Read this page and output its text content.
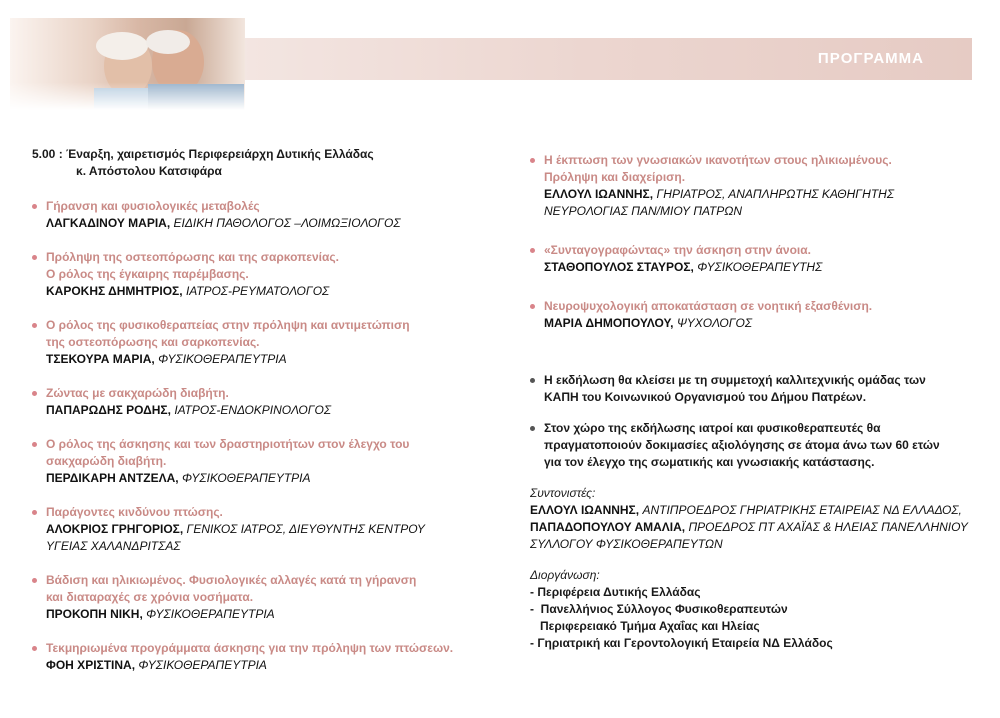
ΠΡΟΓΡΑΜΜΑ
5.00 : Έναρξη, χαιρετισμός Περιφερειάρχη Δυτικής Ελλάδας
κ. Απόστολου Κατσιφάρα
Γήρανση και φυσιολογικές μεταβολές
ΛΑΓΚΑΔΙΝΟΥ ΜΑΡΙΑ, ΕΙΔΙΚΗ ΠΑΘΟΛΟΓΟΣ –ΛΟΙΜΩΞΙΟΛΟΓΟΣ
Πρόληψη της οστεοπόρωσης και της σαρκοπενίας.
Ο ρόλος της έγκαιρης παρέμβασης.
ΚΑΡΟΚΗΣ ΔΗΜΗΤΡΙΟΣ, ΙΑΤΡΟΣ-ΡΕΥΜΑΤΟΛΟΓΟΣ
Ο ρόλος της φυσικοθεραπείας στην πρόληψη και αντιμετώπιση
της οστεοπόρωσης και σαρκοπενίας.
ΤΣΕΚΟΥΡΑ ΜΑΡΙΑ, ΦΥΣΙΚΟΘΕΡΑΠΕΥΤΡΙΑ
Ζώντας με σακχαρώδη διαβήτη.
ΠΑΠΑΡΩΔΗΣ ΡΟΔΗΣ, ΙΑΤΡΟΣ-ΕΝΔΟΚΡΙΝΟΛΟΓΟΣ
Ο ρόλος της άσκησης και των δραστηριοτήτων στον έλεγχο του
σακχαρώδη διαβήτη.
ΠΕΡΔΙΚΑΡΗ ΑΝΤΖΕΛΑ, ΦΥΣΙΚΟΘΕΡΑΠΕΥΤΡΙΑ
Παράγοντες κινδύνου πτώσης.
ΑΛΟΚΡΙΟΣ ΓΡΗΓΟΡΙΟΣ, ΓΕΝΙΚΟΣ ΙΑΤΡΟΣ, ΔΙΕΥΘΥΝΤΗΣ ΚΕΝΤΡΟΥ
ΥΓΕΙΑΣ ΧΑΛΑΝΔΡΙΤΣΑΣ
Βάδιση και ηλικιωμένος. Φυσιολογικές αλλαγές κατά τη γήρανση
και διαταραχές σε χρόνια νοσήματα.
ΠΡΟΚΟΠΗ ΝΙΚΗ, ΦΥΣΙΚΟΘΕΡΑΠΕΥΤΡΙΑ
Τεκμηριωμένα προγράμματα άσκησης για την πρόληψη των πτώσεων.
ΦΟΗ ΧΡΙΣΤΙΝΑ, ΦΥΣΙΚΟΘΕΡΑΠΕΥΤΡΙΑ
Η έκπτωση των γνωσιακών ικανοτήτων στους ηλικιωμένους.
Πρόληψη και διαχείριση.
ΕΛΛΟΥΛ ΙΩΑΝΝΗΣ, ΓΗΡΙΑΤΡΟΣ, ΑΝΑΠΛΗΡΩΤΗΣ ΚΑΘΗΓΗΤΗΣ
ΝΕΥΡΟΛΟΓΙΑΣ ΠΑΝ/ΜΙΟΥ ΠΑΤΡΩΝ
«Συνταγογραφώντας» την άσκηση στην άνοια.
ΣΤΑΘΟΠΟΥΛΟΣ ΣΤΑΥΡΟΣ, ΦΥΣΙΚΟΘΕΡΑΠΕΥΤΗΣ
Νευροψυχολογική αποκατάσταση σε νοητική εξασθένιση.
ΜΑΡΙΑ ΔΗΜΟΠΟΥΛΟΥ, ΨΥΧΟΛΟΓΟΣ
Η εκδήλωση θα κλείσει με τη συμμετοχή καλλιτεχνικής ομάδας των
ΚΑΠΗ του Κοινωνικού Οργανισμού του Δήμου Πατρέων.
Στον χώρο της εκδήλωσης ιατροί και φυσικοθεραπευτές θα
πραγματοποιούν δοκιμασίες αξιολόγησης σε άτομα άνω των 60 ετών
για τον έλεγχο της σωματικής και γνωσιακής κατάστασης.
Συντονιστές:
ΕΛΛΟΥΛ ΙΩΑΝΝΗΣ, ΑΝΤΙΠΡΟΕΔΡΟΣ ΓΗΡΙΑΤΡΙΚΗΣ ΕΤΑΙΡΕΙΑΣ ΝΔ ΕΛΛΑΔΟΣ,
ΠΑΠΑΔΟΠΟΥΛΟΥ ΑΜΑΛΙΑ, ΠΡΟΕΔΡΟΣ ΠΤ ΑΧΑΪΑΣ & ΗΛΕΙΑΣ ΠΑΝΕΛΛΗΝΙΟΥ
ΣΥΛΛΟΓΟΥ ΦΥΣΙΚΟΘΕΡΑΠΕΥΤΩΝ
Διοργάνωση:
- Περιφέρεια Δυτικής Ελλάδας
-  Πανελλήνιος Σύλλογος Φυσικοθεραπευτών
Περιφερειακό Τμήμα Αχαΐας και Ηλείας
- Γηριατρική και Γεροντολογική Εταιρεία ΝΔ Ελλάδος
